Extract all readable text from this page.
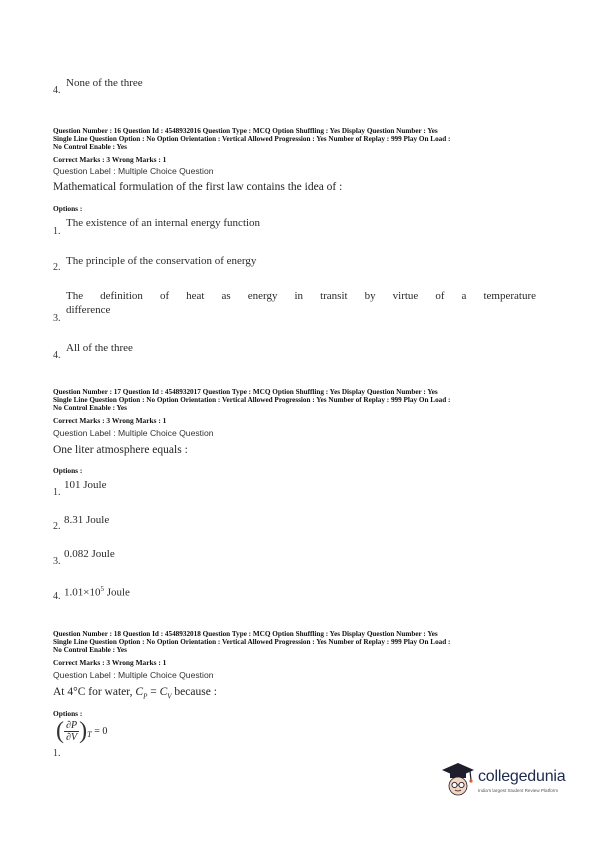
None of the three
4.
Question Number : 16 Question Id : 4548932016 Question Type : MCQ Option Shuffling : Yes Display Question Number : Yes
Single Line Question Option : No Option Orientation : Vertical Allowed Progression : Yes Number of Replay : 999 Play On Load :
No Control Enable : Yes
Correct Marks : 3 Wrong Marks : 1
Question Label : Multiple Choice Question
Mathematical formulation of the first law contains the idea of :
Options :
The existence of an internal energy function
1.
The principle of the conservation of energy
2.
The definition of heat as energy in transit by virtue of a temperature
difference
3.
All of the three
4.
Question Number : 17 Question Id : 4548932017 Question Type : MCQ Option Shuffling : Yes Display Question Number : Yes
Single Line Question Option : No Option Orientation : Vertical Allowed Progression : Yes Number of Replay : 999 Play On Load :
No Control Enable : Yes
Correct Marks : 3 Wrong Marks : 1
Question Label : Multiple Choice Question
One liter atmosphere equals :
Options :
101 Joule
1.
8.31 Joule
2.
0.082 Joule
3.
$1.01\times 10^5$ Joule
4.
Question Number : 18 Question Id : 4548932018 Question Type : MCQ Option Shuffling : Yes Display Question Number : Yes
Single Line Question Option : No Option Orientation : Vertical Allowed Progression : Yes Number of Replay : 999 Play On Load :
No Control Enable : Yes
Correct Marks : 3 Wrong Marks : 1
Question Label : Multiple Choice Question
At 4°C for water, $C_P = C_V$ because :
Options :
( $\frac{\partial P}{\partial V} )_T = 0$
1.
collegedunia
India's largest Student Review Platform
